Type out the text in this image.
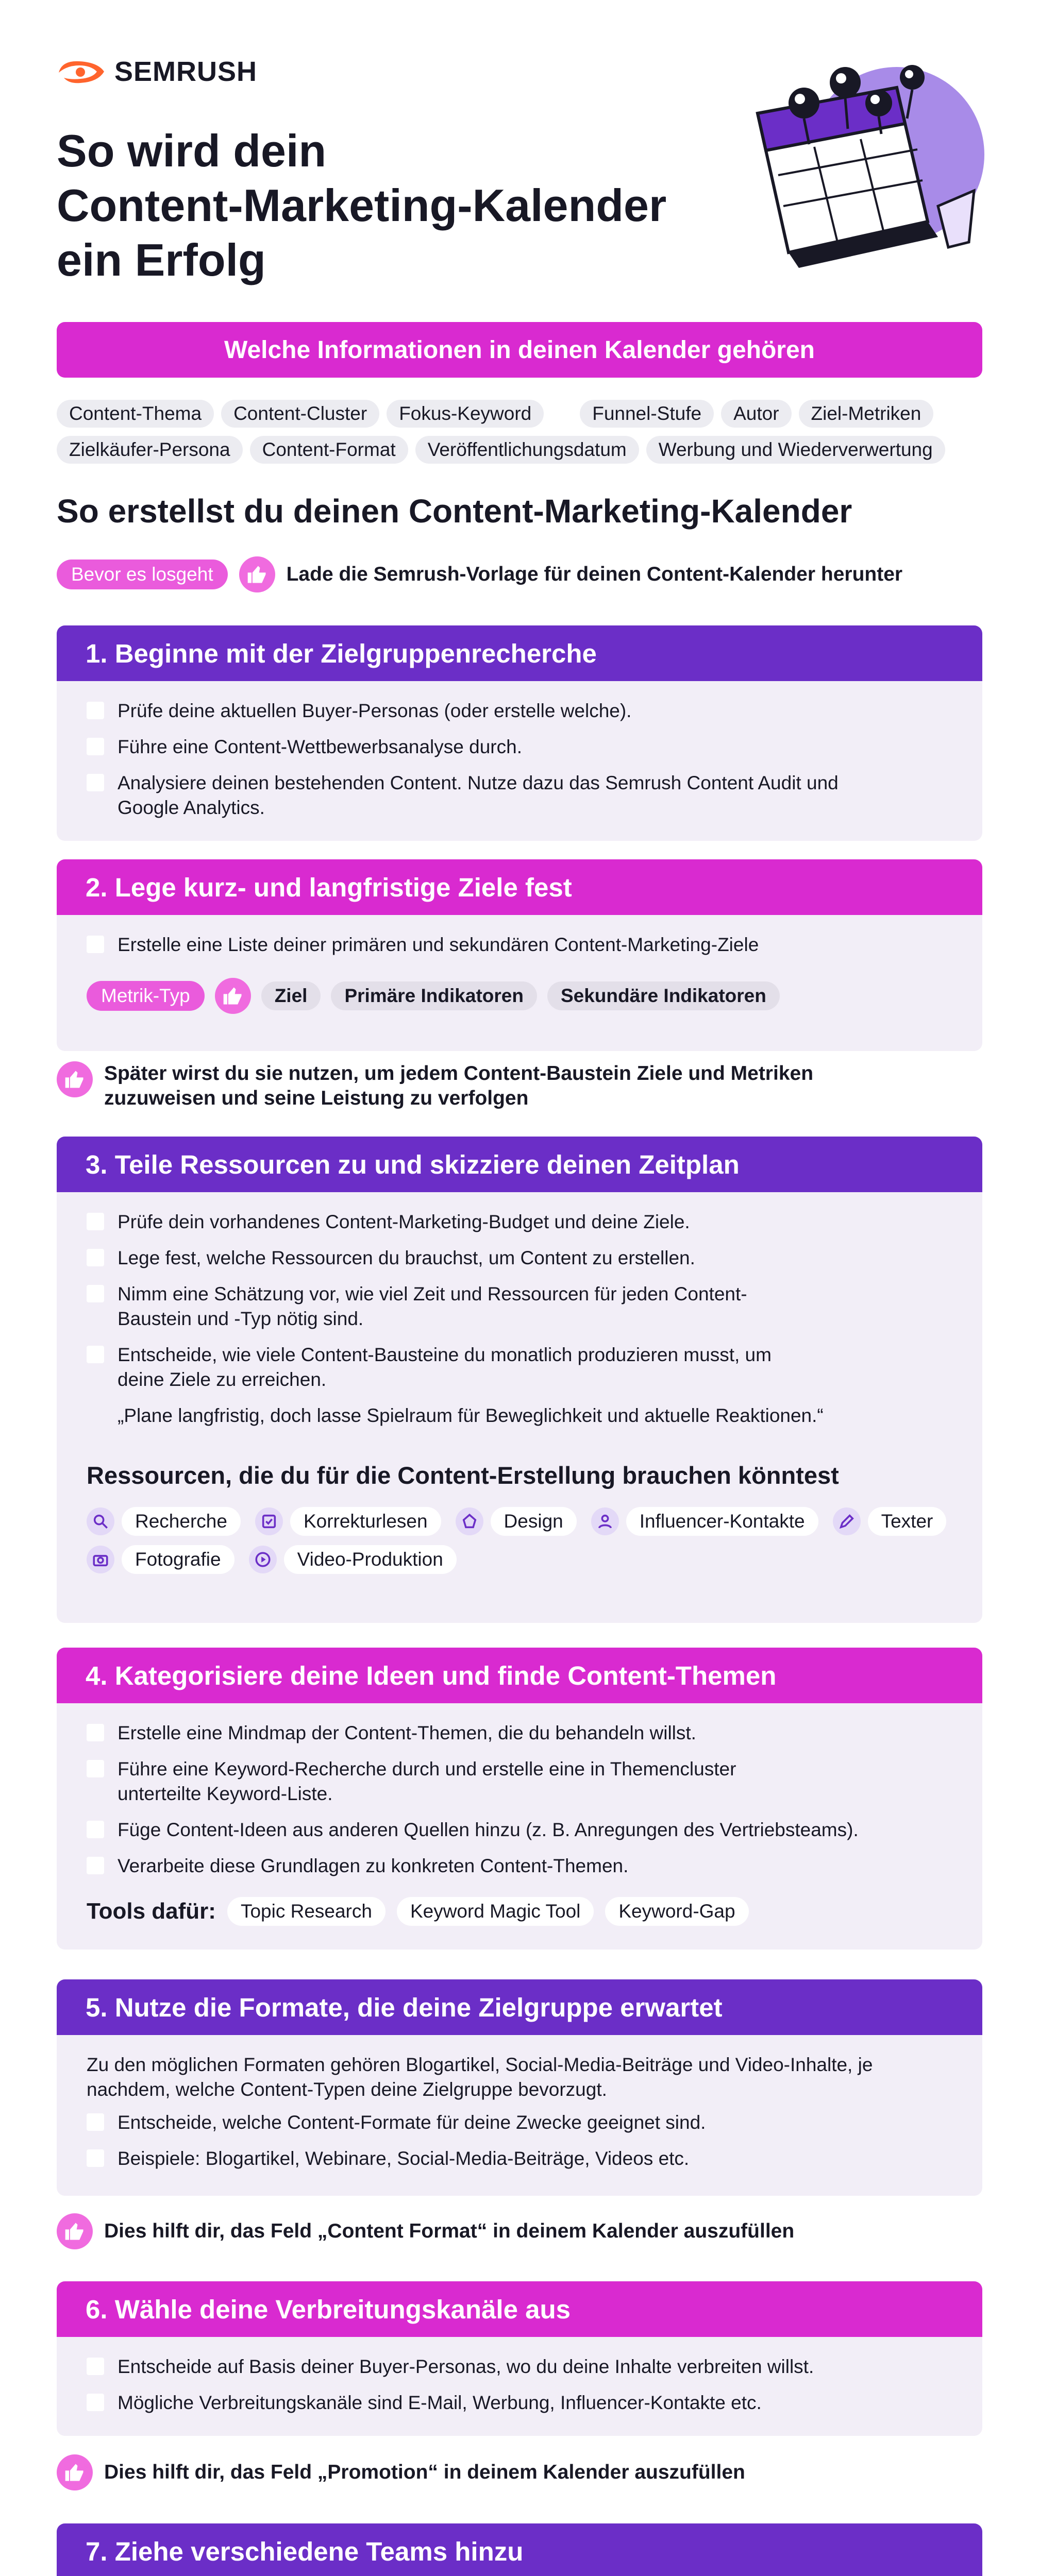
SEMRUSH
So wird dein
Content-Marketing-Kalender
ein Erfolg
Welche Informationen in deinen Kalender gehören
Content-Thema	Content-Cluster	Fokus-Keyword	Funnel-Stufe	Autor	Ziel-Metriken
Zielkäufer-Persona	Content-Format	Veröffentlichungsdatum	Werbung und Wiederverwertung
So erstellst du deinen Content-Marketing-Kalender
Bevor es losgeht	Lade die Semrush-Vorlage für deinen Content-Kalender herunter
1. Beginne mit der Zielgruppenrecherche
Prüfe deine aktuellen Buyer-Personas (oder erstelle welche).
Führe eine Content-Wettbewerbsanalyse durch.
Analysiere deinen bestehenden Content. Nutze dazu das Semrush Content Audit und Google Analytics.
2. Lege kurz- und langfristige Ziele fest
Erstelle eine Liste deiner primären und sekundären Content-Marketing-Ziele
Metrik-Typ	Ziel	Primäre Indikatoren	Sekundäre Indikatoren
Später wirst du sie nutzen, um jedem Content-Baustein Ziele und Metriken zuzuweisen und seine Leistung zu verfolgen
3. Teile Ressourcen zu und skizziere deinen Zeitplan
Prüfe dein vorhandenes Content-Marketing-Budget und deine Ziele.
Lege fest, welche Ressourcen du brauchst, um Content zu erstellen.
Nimm eine Schätzung vor, wie viel Zeit und Ressourcen für jeden Content-Baustein und -Typ nötig sind.
Entscheide, wie viele Content-Bausteine du monatlich produzieren musst, um deine Ziele zu erreichen.
„Plane langfristig, doch lasse Spielraum für Beweglichkeit und aktuelle Reaktionen.“
Ressourcen, die du für die Content-Erstellung brauchen könntest
Recherche	Korrekturlesen	Design	Influencer-Kontakte	Texter
Fotografie	Video-Produktion
4. Kategorisiere deine Ideen und finde Content-Themen
Erstelle eine Mindmap der Content-Themen, die du behandeln willst.
Führe eine Keyword-Recherche durch und erstelle eine in Themencluster unterteilte Keyword-Liste.
Füge Content-Ideen aus anderen Quellen hinzu (z. B. Anregungen des Vertriebsteams).
Verarbeite diese Grundlagen zu konkreten Content-Themen.
Tools dafür:	Topic Research	Keyword Magic Tool	Keyword-Gap
5. Nutze die Formate, die deine Zielgruppe erwartet
Zu den möglichen Formaten gehören Blogartikel, Social-Media-Beiträge und Video-Inhalte, je nachdem, welche Content-Typen deine Zielgruppe bevorzugt.
Entscheide, welche Content-Formate für deine Zwecke geeignet sind.
Beispiele: Blogartikel, Webinare, Social-Media-Beiträge, Videos etc.
Dies hilft dir, das Feld „Content Format“ in deinem Kalender auszufüllen
6. Wähle deine Verbreitungskanäle aus
Entscheide auf Basis deiner Buyer-Personas, wo du deine Inhalte verbreiten willst.
Mögliche Verbreitungskanäle sind E-Mail, Werbung, Influencer-Kontakte etc.
Dies hilft dir, das Feld „Promotion“ in deinem Kalender auszufüllen
7. Ziehe verschiedene Teams hinzu
